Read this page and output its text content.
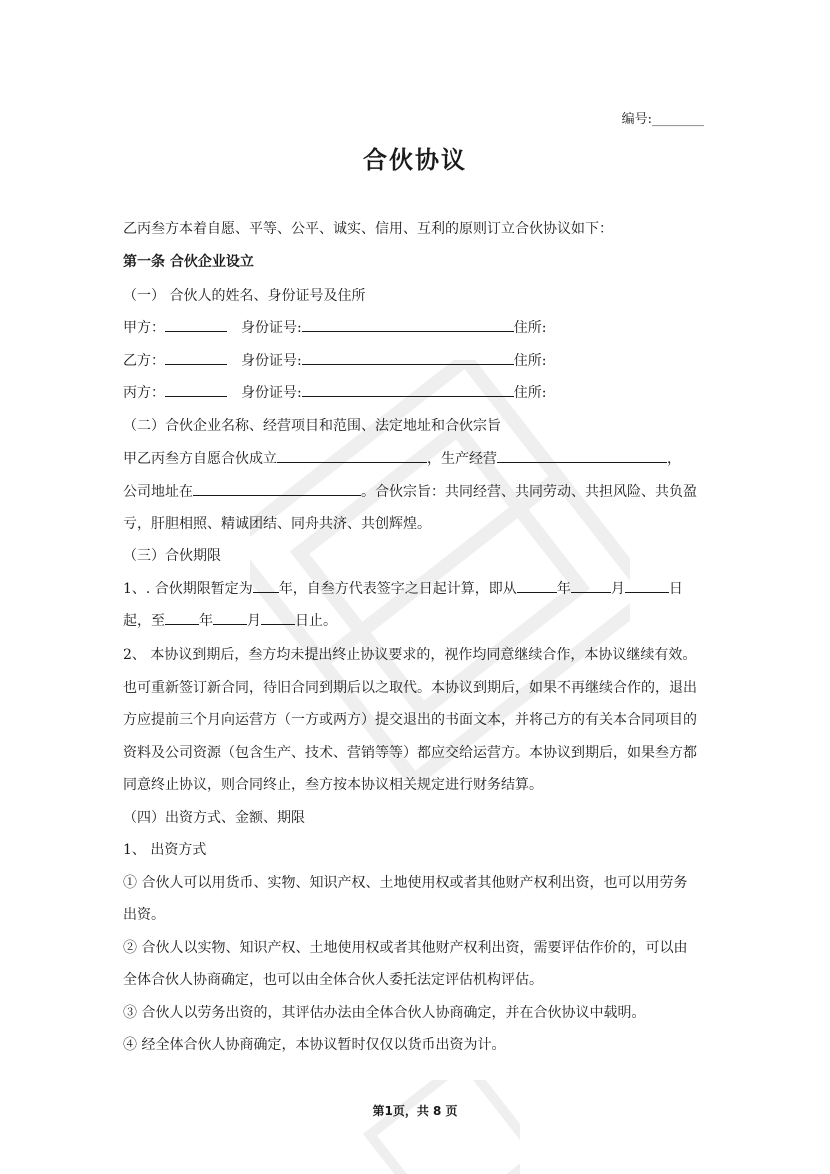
编号:________
合伙协议
乙丙叁方本着自愿、平等、公平、诚实、信用、互利的原则订立合伙协议如下：
第一条 合伙企业设立
（一） 合伙人的姓名、身份证号及住所
甲方：	身份证号:	住所:
乙方：	身份证号:	住所:
丙方：	身份证号:	住所:
（二）合伙企业名称、经营项目和范围、法定地址和合伙宗旨
甲乙丙叁方自愿合伙成立	，生产经营	，
公司地址在	。合伙宗旨：共同经营、共同劳动、共担风险、共负盈
亏，肝胆相照、精诚团结、同舟共济、共创辉煌。
（三）合伙期限
1、. 合伙期限暂定为 年，自叁方代表签字之日起计算，即从	年	月	日
起，至 年 月 日止。
2、 本协议到期后，叁方均未提出终止协议要求的，视作均同意继续合作，本协议继续有效。
也可重新签订新合同，待旧合同到期后以之取代。本协议到期后，如果不再继续合作的，退出
方应提前三个月向运营方（一方或两方）提交退出的书面文本，并将己方的有关本合同项目的
资料及公司资源（包含生产、技术、营销等等）都应交给运营方。本协议到期后，如果叁方都
同意终止协议，则合同终止，叁方按本协议相关规定进行财务结算。
（四）出资方式、金额、期限
1、 出资方式
① 合伙人可以用货币、实物、知识产权、土地使用权或者其他财产权利出资，也可以用劳务
出资。
② 合伙人以实物、知识产权、土地使用权或者其他财产权利出资，需要评估作价的，可以由
全体合伙人协商确定，也可以由全体合伙人委托法定评估机构评估。
③ 合伙人以劳务出资的，其评估办法由全体合伙人协商确定，并在合伙协议中载明。
④ 经全体合伙人协商确定，本协议暂时仅仅以货币出资为计。
第1页，共 8 页
